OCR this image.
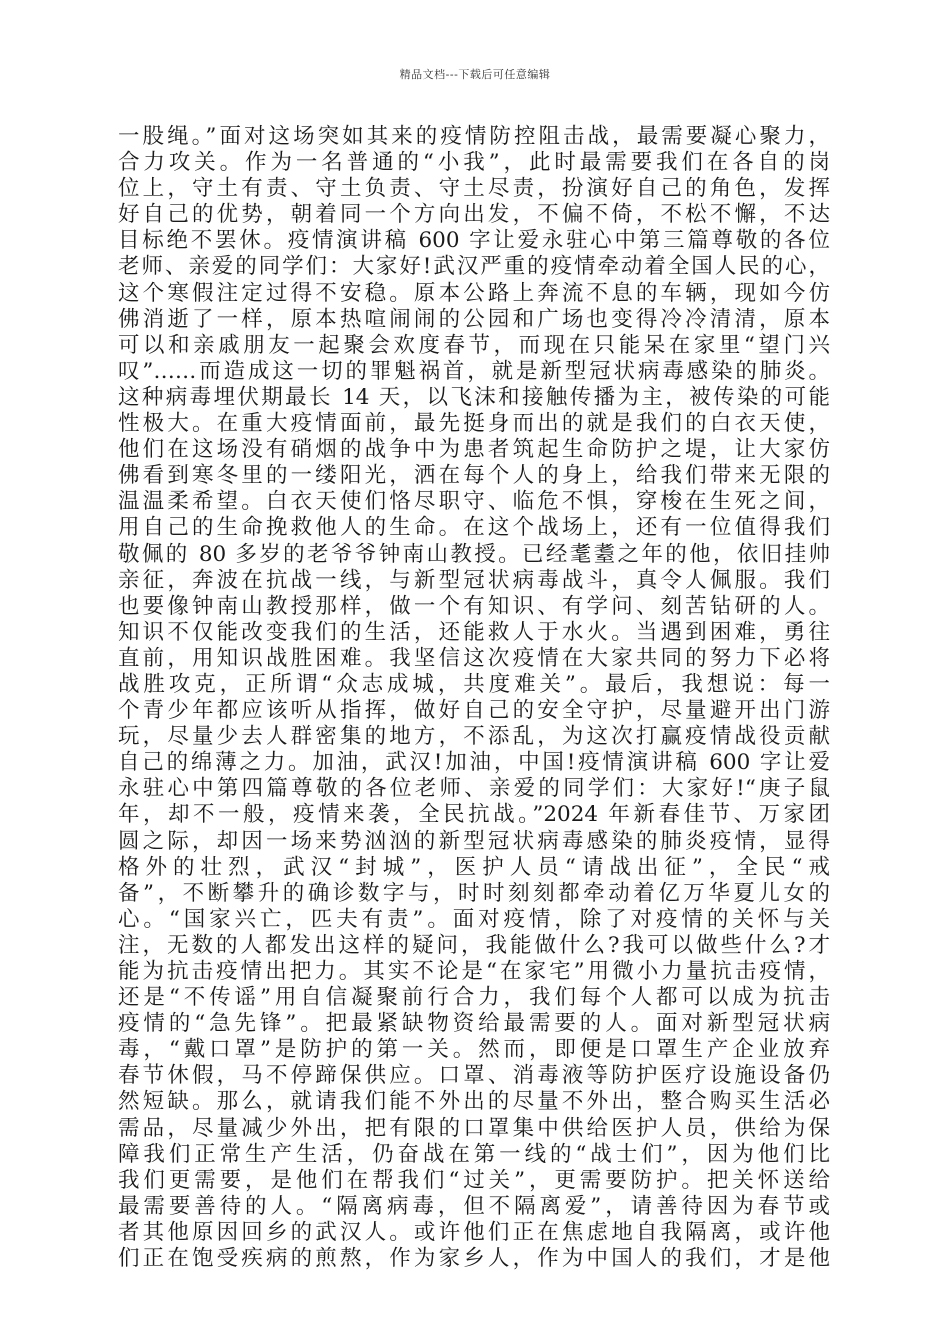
精品文档---下载后可任意编辑
一股绳。”面对这场突如其来的疫情防控阻击战，最需要凝心聚力，
合力攻关。作为一名普通的“小我”，此时最需要我们在各自的岗
位上，守土有责、守土负责、守土尽责，扮演好自己的角色，发挥
好自己的优势，朝着同一个方向出发，不偏不倚，不松不懈，不达
目标绝不罢休。疫情演讲稿 600 字让爱永驻心中第三篇尊敬的各位
老师、亲爱的同学们：大家好!武汉严重的疫情牵动着全国人民的心，
这个寒假注定过得不安稳。原本公路上奔流不息的车辆，现如今仿
佛消逝了一样，原本热喧闹闹的公园和广场也变得冷冷清清，原本
可以和亲戚朋友一起聚会欢度春节，而现在只能呆在家里“望门兴
叹”……而造成这一切的罪魁祸首，就是新型冠状病毒感染的肺炎。
这种病毒埋伏期最长 14 天，以飞沫和接触传播为主，被传染的可能
性极大。在重大疫情面前，最先挺身而出的就是我们的白衣天使，
他们在这场没有硝烟的战争中为患者筑起生命防护之堤，让大家仿
佛看到寒冬里的一缕阳光，洒在每个人的身上，给我们带来无限的
温温柔希望。白衣天使们恪尽职守、临危不惧，穿梭在生死之间，
用自己的生命挽救他人的生命。在这个战场上，还有一位值得我们
敬佩的 80 多岁的老爷爷钟南山教授。已经耄耋之年的他，依旧挂帅
亲征，奔波在抗战一线，与新型冠状病毒战斗，真令人佩服。我们
也要像钟南山教授那样，做一个有知识、有学问、刻苦钻研的人。
知识不仅能改变我们的生活，还能救人于水火。当遇到困难，勇往
直前，用知识战胜困难。我坚信这次疫情在大家共同的努力下必将
战胜攻克，正所谓“众志成城，共度难关”。最后，我想说：每一
个青少年都应该听从指挥，做好自己的安全守护，尽量避开出门游
玩，尽量少去人群密集的地方，不添乱，为这次打赢疫情战役贡献
自己的绵薄之力。加油，武汉!加油，中国!疫情演讲稿 600 字让爱
永驻心中第四篇尊敬的各位老师、亲爱的同学们：大家好!“庚子鼠
年，却不一般，疫情来袭，全民抗战。”2024 年新春佳节、万家团
圆之际，却因一场来势汹汹的新型冠状病毒感染的肺炎疫情，显得
格外的壮烈，武汉“封城”，医护人员“请战出征”，全民“戒
备”，不断攀升的确诊数字与，时时刻刻都牵动着亿万华夏儿女的
心。“国家兴亡，匹夫有责”。面对疫情，除了对疫情的关怀与关
注，无数的人都发出这样的疑问，我能做什么?我可以做些什么?才
能为抗击疫情出把力。其实不论是“在家宅”用微小力量抗击疫情，
还是“不传谣”用自信凝聚前行合力，我们每个人都可以成为抗击
疫情的“急先锋”。把最紧缺物资给最需要的人。面对新型冠状病
毒，“戴口罩”是防护的第一关。然而，即便是口罩生产企业放弃
春节休假，马不停蹄保供应。口罩、消毒液等防护医疗设施设备仍
然短缺。那么，就请我们能不外出的尽量不外出，整合购买生活必
需品，尽量减少外出，把有限的口罩集中供给医护人员，供给为保
障我们正常生产生活，仍奋战在第一线的“战士们”，因为他们比
我们更需要，是他们在帮我们“过关”，更需要防护。把关怀送给
最需要善待的人。“隔离病毒，但不隔离爱”，请善待因为春节或
者其他原因回乡的武汉人。或许他们正在焦虑地自我隔离，或许他
们正在饱受疾病的煎熬，作为家乡人，作为中国人的我们，才是他
